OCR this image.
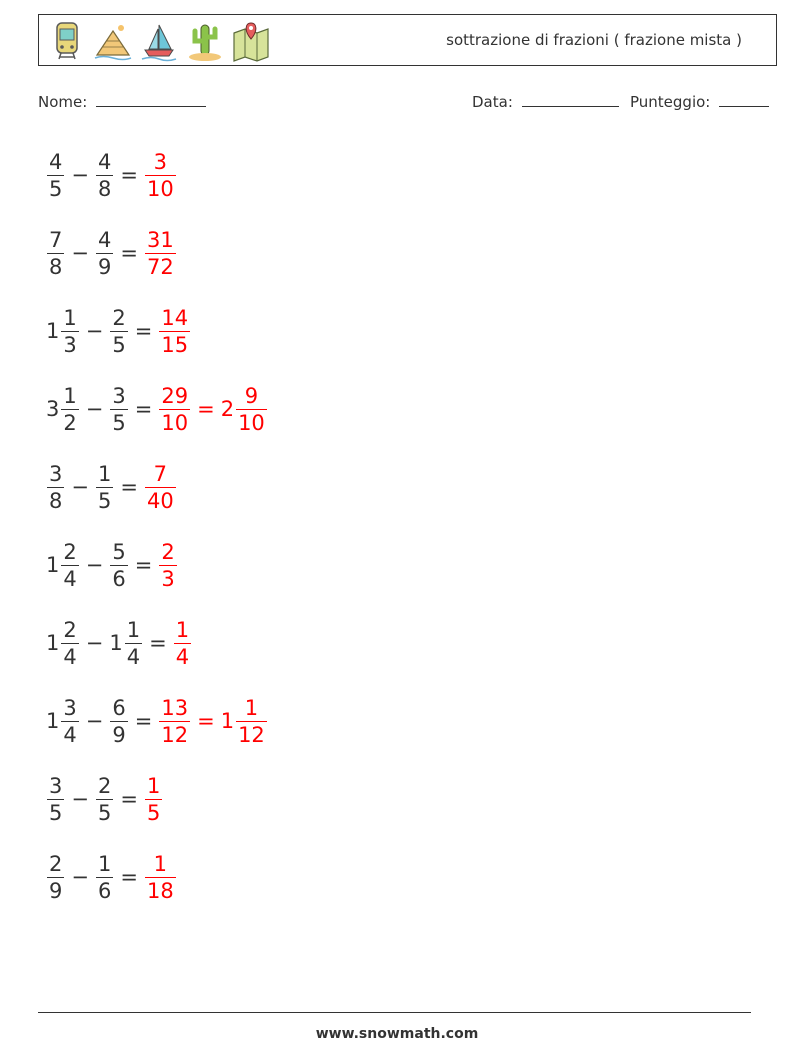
sottrazione di frazioni ( frazione mista )
Nome:	Data:	Punteggio:
$\frac{4}{5} - \frac{4}{8} = \frac{3}{10}$
$\frac{7}{8} - \frac{4}{9} = \frac{31}{72}$
$1 \frac{1}{3} - \frac{2}{5} = \frac{14}{15}$
$3 \frac{1}{2} - \frac{3}{5} = \frac{29}{10} = 2 \frac{9}{10}$
$\frac{3}{8} - \frac{1}{5} = \frac{7}{40}$
$1 \frac{2}{4} - \frac{5}{6} = \frac{2}{3}$
$1 \frac{2}{4} - 1 \frac{1}{4} = \frac{1}{4}$
$1 \frac{3}{4} - \frac{6}{9} = \frac{13}{12} = 1 \frac{1}{12}$
$\frac{3}{5} - \frac{2}{5} = \frac{1}{5}$
$\frac{2}{9} - \frac{1}{6} = \frac{1}{18}$
www.snowmath.com
